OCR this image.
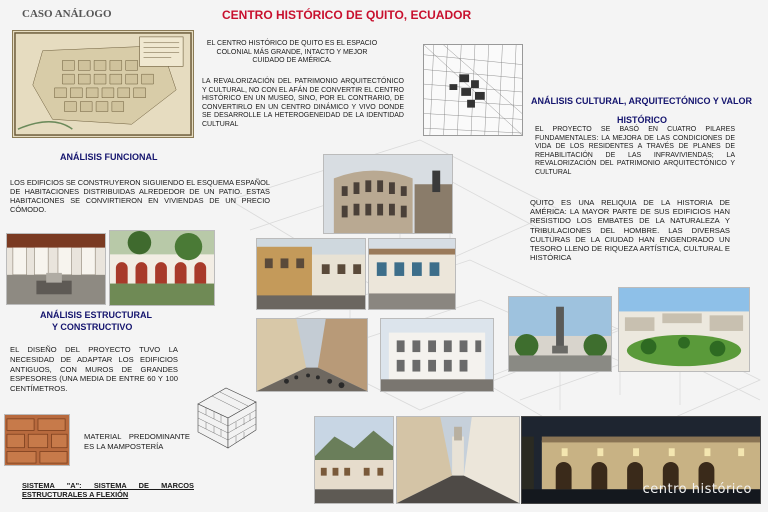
CASO ANÁLOGO	CENTRO HISTÓRICO DE QUITO, ECUADOR
EL CENTRO HISTÓRICO DE QUITO ES EL ESPACIO COLONIAL MÁS GRANDE, INTACTO Y MEJOR CUIDADO DE AMÉRICA.
LA REVALORIZACIÓN DEL PATRIMONIO ARQUITECTÓNICO Y CULTURAL, NO CON EL AFÁN DE CONVERTIR EL CENTRO HISTÓRICO EN UN MUSEO, SINO, POR EL CONTRARIO, DE CONVERTIRLO EN UN CENTRO DINÁMICO Y VIVO DONDE SE DESARROLLE LA HETEROGENEIDAD DE LA IDENTIDAD CULTURAL
ANÁLISIS CULTURAL, ARQUITECTÓNICO Y VALOR
HISTÓRICO
EL PROYECTO SE BASÓ EN CUATRO PILARES FUNDAMENTALES: LA MEJORA DE LAS CONDICIONES DE VIDA DE LOS RESIDENTES A TRAVÉS DE PLANES DE REHABILITACIÓN DE LAS INFRAVIVIENDAS; LA REVALORIZACIÓN DEL PATRIMONIO ARQUITECTÓNICO Y CULTURAL
QUITO ES UNA RELIQUIA DE LA HISTORIA DE AMÉRICA: LA MAYOR PARTE DE SUS EDIFICIOS HAN RESISTIDO LOS EMBATES DE LA NATURALEZA Y TRIBULACIONES DEL HOMBRE. LAS DIVERSAS CULTURAS DE LA CIUDAD HAN ENGENDRADO UN TESORO LLENO DE RIQUEZA ARTÍSTICA, CULTURAL E HISTÓRICA
ANÁLISIS FUNCIONAL
LOS EDIFICIOS SE CONSTRUYERON SIGUIENDO EL ESQUEMA ESPAÑOL DE HABITACIONES DISTRIBUIDAS ALREDEDOR DE UN PATIO. ESTAS HABITACIONES SE CONVIRTIERON EN VIVIENDAS DE UN PRECIO CÓMODO.
ANÁLISIS ESTRUCTURAL
Y CONSTRUCTIVO
EL DISEÑO DEL PROYECTO TUVO LA NECESIDAD DE ADAPTAR LOS EDIFICIOS ANTIGUOS, CON MUROS DE GRANDES ESPESORES (UNA MEDIA DE ENTRE 60 Y 100 CENTÍMETROS.
MATERIAL PREDOMINANTE ES LA MAMPOSTERÍA
SISTEMA "A": SISTEMA DE MARCOS ESTRUCTURALES A FLEXIÓN	centro histórico
